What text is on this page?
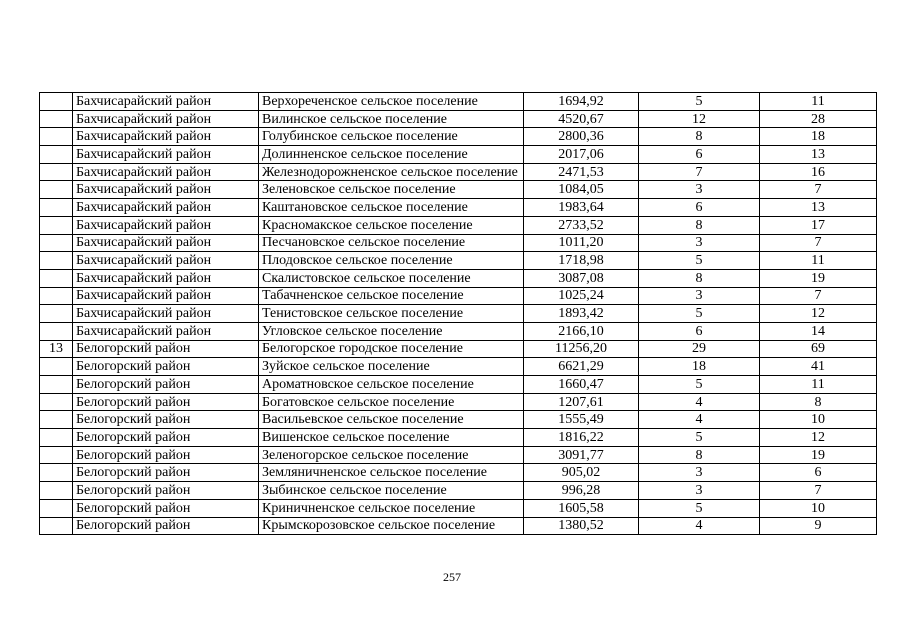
	Бахчисарайский район	Верхореченское сельское поселение	1694,92	5	11
	Бахчисарайский район	Вилинское сельское поселение	4520,67	12	28
	Бахчисарайский район	Голубинское сельское поселение	2800,36	8	18
	Бахчисарайский район	Долинненское сельское поселение	2017,06	6	13
	Бахчисарайский район	Железнодорожненское сельское поселение	2471,53	7	16
	Бахчисарайский район	Зеленовское сельское поселение	1084,05	3	7
	Бахчисарайский район	Каштановское сельское поселение	1983,64	6	13
	Бахчисарайский район	Красномакское сельское поселение	2733,52	8	17
	Бахчисарайский район	Песчановское сельское поселение	1011,20	3	7
	Бахчисарайский район	Плодовское сельское поселение	1718,98	5	11
	Бахчисарайский район	Скалистовское сельское поселение	3087,08	8	19
	Бахчисарайский район	Табачненское сельское поселение	1025,24	3	7
	Бахчисарайский район	Тенистовское сельское поселение	1893,42	5	12
	Бахчисарайский район	Угловское сельское поселение	2166,10	6	14
13	Белогорский район	Белогорское городское поселение	11256,20	29	69
	Белогорский район	Зуйское сельское поселение	6621,29	18	41
	Белогорский район	Ароматновское сельское поселение	1660,47	5	11
	Белогорский район	Богатовское сельское поселение	1207,61	4	8
	Белогорский район	Васильевское сельское поселение	1555,49	4	10
	Белогорский район	Вишенское сельское поселение	1816,22	5	12
	Белогорский район	Зеленогорское сельское поселение	3091,77	8	19
	Белогорский район	Земляничненское сельское поселение	905,02	3	6
	Белогорский район	Зыбинское сельское поселение	996,28	3	7
	Белогорский район	Криничненское сельское поселение	1605,58	5	10
	Белогорский район	Крымскорозовское сельское поселение	1380,52	4	9
257
